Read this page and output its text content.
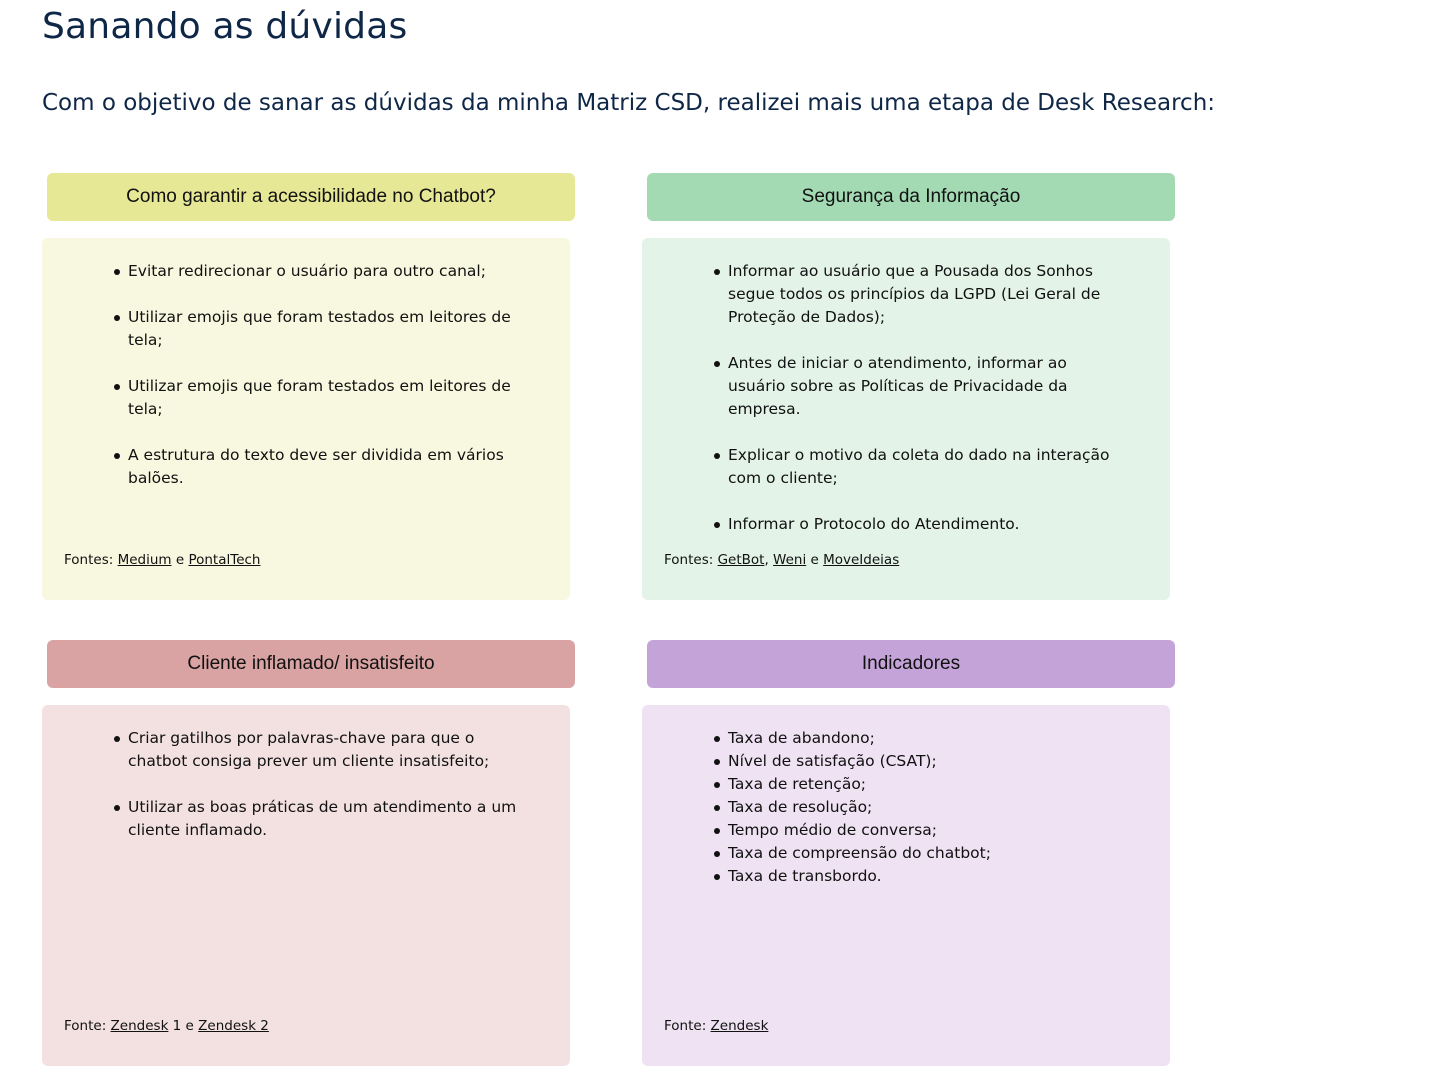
Sanando as dúvidas

Com o objetivo de sanar as dúvidas da minha Matriz CSD, realizei mais uma etapa de Desk Research:

Como garantir a acessibilidade no Chatbot?
Evitar redirecionar o usuário para outro canal;
Utilizar emojis que foram testados em leitores de tela;
Utilizar emojis que foram testados em leitores de tela;
A estrutura do texto deve ser dividida em vários balões.
Fontes: Medium e PontalTech
Segurança da Informação
Informar ao usuário que a Pousada dos Sonhos segue todos os princípios da LGPD (Lei Geral de Proteção de Dados);
Antes de iniciar o atendimento, informar ao usuário sobre as Políticas de Privacidade da empresa.
Explicar o motivo da coleta do dado na interação com o cliente;
Informar o Protocolo do Atendimento.
Fontes: GetBot, Weni e MoveIdeias
Cliente inflamado/ insatisfeito
Criar gatilhos por palavras-chave para que o chatbot consiga prever um cliente insatisfeito;
Utilizar as boas práticas de um atendimento a um cliente inflamado.
Fonte: Zendesk 1 e Zendesk 2
Indicadores
Taxa de abandono;
Nível de satisfação (CSAT);
Taxa de retenção;
Taxa de resolução;
Tempo médio de conversa;
Taxa de compreensão do chatbot;
Taxa de transbordo.
Fonte: Zendesk
